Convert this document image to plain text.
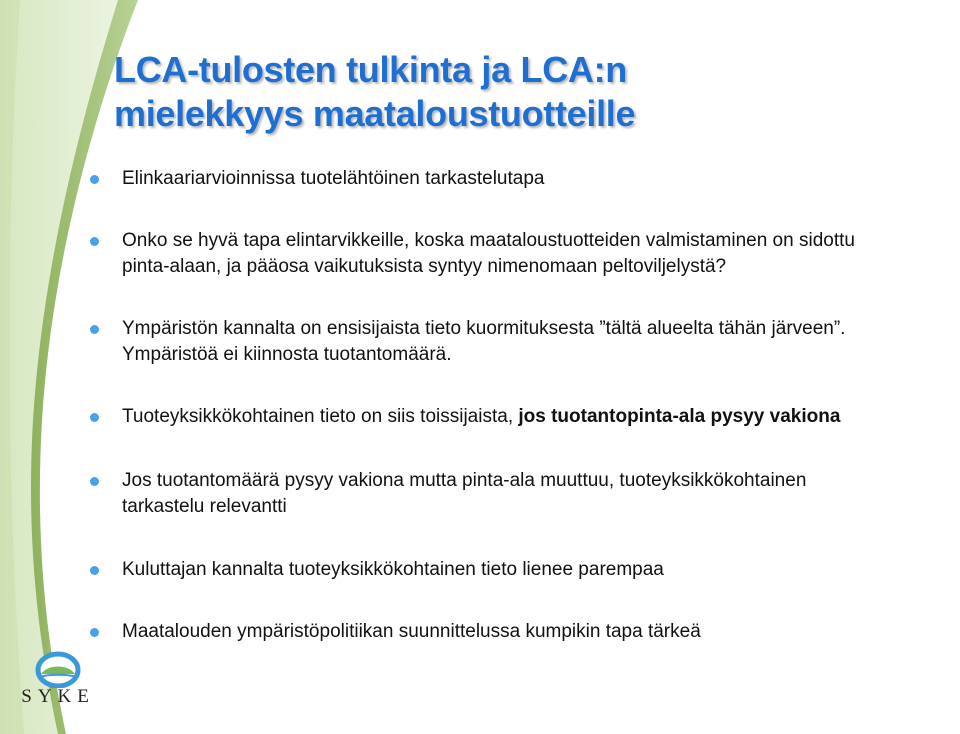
LCA-tulosten tulkinta ja LCA:n
mielekkyys maataloustuotteille
Elinkaariarvioinnissa tuotelähtöinen tarkastelutapa
Onko se hyvä tapa elintarvikkeille, koska maataloustuotteiden valmistaminen on sidottu
pinta-alaan, ja pääosa vaikutuksista syntyy nimenomaan peltoviljelystä?
Ympäristön kannalta on ensisijaista tieto kuormituksesta ”tältä alueelta tähän järveen”.
Ympäristöä ei kiinnosta tuotantomäärä.
Tuoteyksikkökohtainen tieto on siis toissijaista, jos tuotantopinta-ala pysyy vakiona
Jos tuotantomäärä pysyy vakiona mutta pinta-ala muuttuu, tuoteyksikkökohtainen
tarkastelu relevantti
Kuluttajan kannalta tuoteyksikkökohtainen tieto lienee parempaa
Maatalouden ympäristöpolitiikan suunnittelussa kumpikin tapa tärkeä
SYKE
